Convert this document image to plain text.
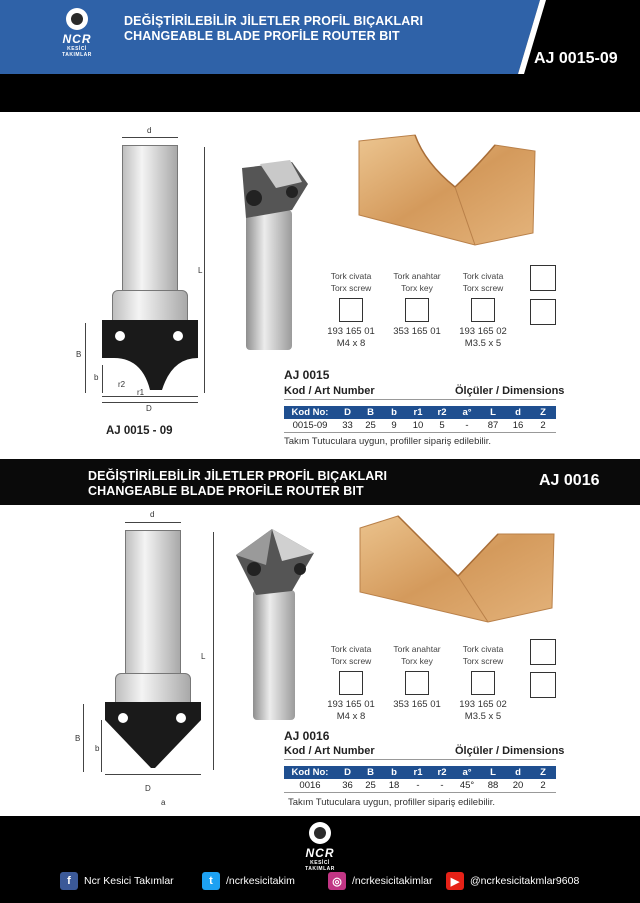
NCR
KESİCİ TAKIMLAR
DEĞİŞTİRİLEBİLİR JİLETLER PROFİL BIÇAKLARI
CHANGEABLE BLADE PROFİLE ROUTER BIT
AJ 0015-09
d
L
B
b
r2
r1
D
AJ 0015 - 09
Tork civata
Torx screw
193 165 01
M4 x 8
Tork anahtar
Torx key
353 165 01
Tork civata
Torx screw
193 165 02
M3.5 x 5
AJ 0015
Kod / Art Number	Ölçüler / Dimensions
Kod No:	D	B	b	r1	r2	a°	L	d	Z
0015-09	33	25	9	10	5	-	87	16	2
Takım Tutuculara uygun, profiller sipariş edilebilir.
DEĞİŞTİRİLEBİLİR JİLETLER PROFİL BIÇAKLARI
CHANGEABLE BLADE PROFİLE ROUTER BIT
AJ 0016
d
L
B
b
D
a
Tork civata
Torx screw
193 165 01
M4 x 8
Tork anahtar
Torx key
353 165 01
Tork civata
Torx screw
193 165 02
M3.5 x 5
AJ 0016
Kod / Art Number	Ölçüler / Dimensions
Kod No:	D	B	b	r1	r2	a°	L	d	Z
0016	36	25	18	-	-	45°	88	20	2
Takım Tutuculara uygun, profiller sipariş edilebilir.
NCR
KESİCİ TAKIMLAR
f	Ncr Kesici Takımlar	t	/ncrkesicitakim	◎ /ncrkesicitakimlar	▶	@ncrkesicitakmlar9608
